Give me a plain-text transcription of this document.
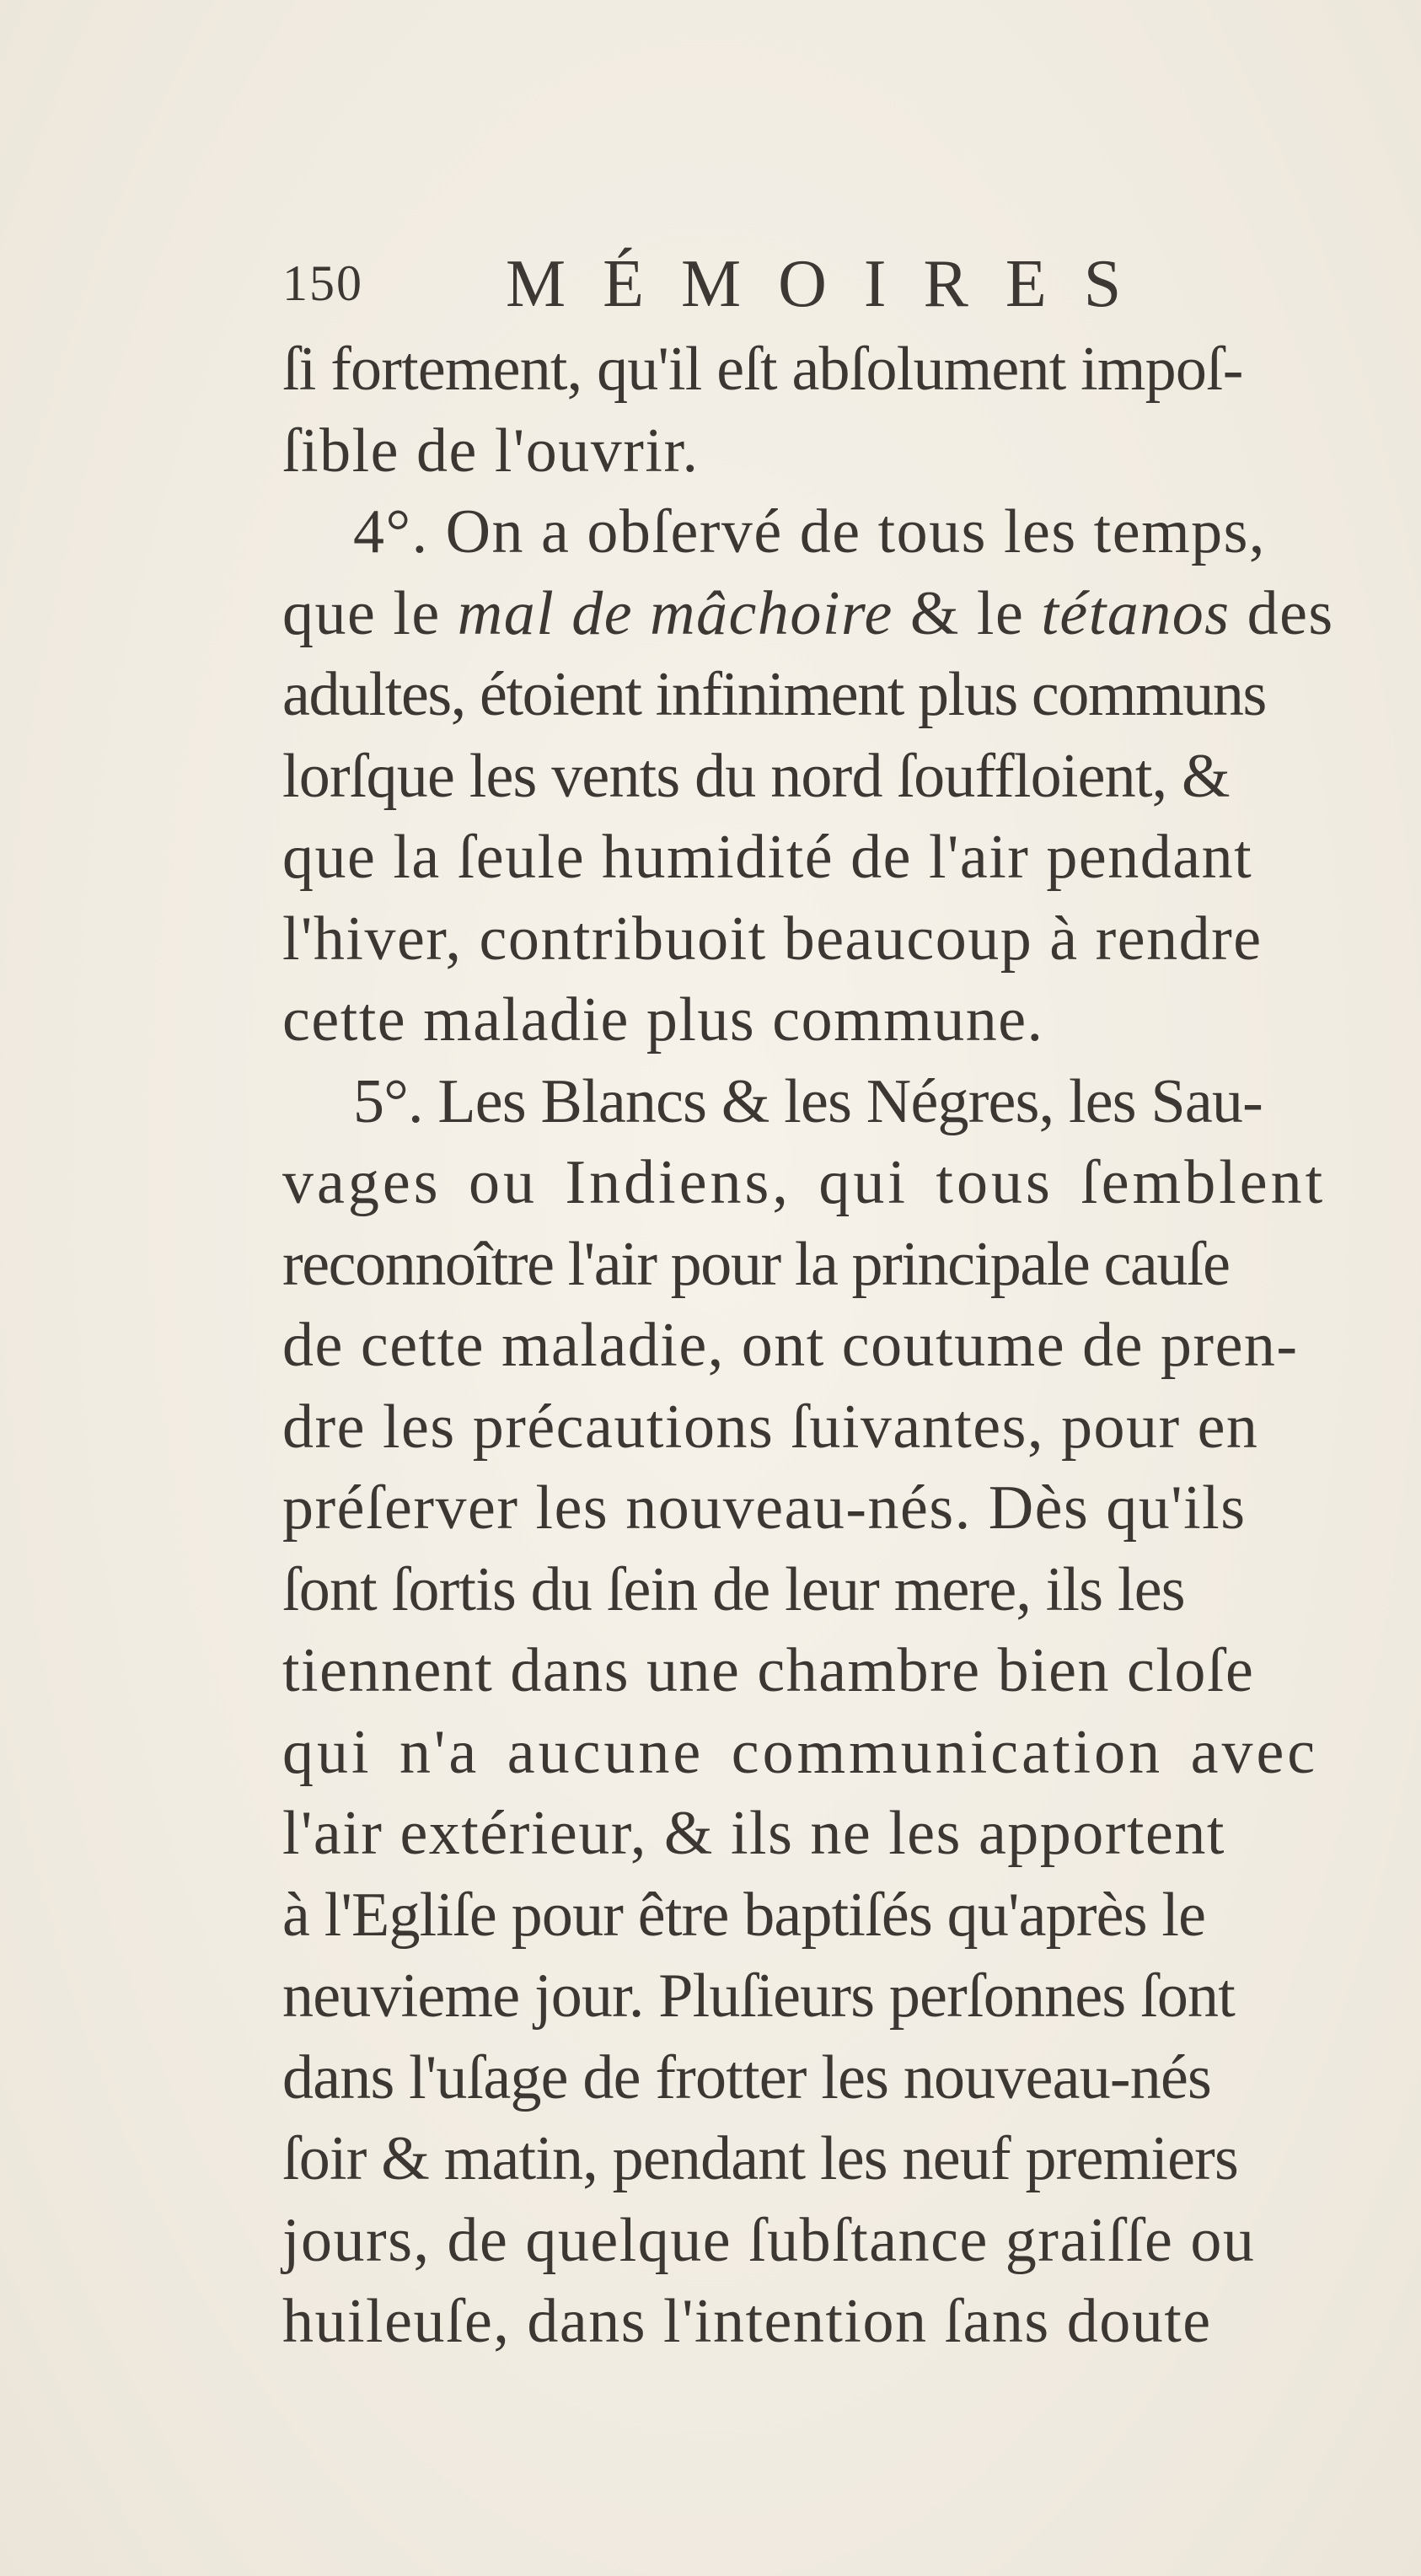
150 MÉMOIRES
ſi fortement, qu'il eſt abſolument impoſ-
ſible de l'ouvrir.
4°. On a obſervé de tous les temps,
que le mal de mâchoire & le tétanos des
adultes, étoient infiniment plus communs
lorſque les vents du nord ſouffloient, &
que la ſeule humidité de l'air pendant
l'hiver, contribuoit beaucoup à rendre
cette maladie plus commune.
5°. Les Blancs & les Négres, les Sau-
vages ou Indiens, qui tous ſemblent
reconnoître l'air pour la principale cauſe
de cette maladie, ont coutume de pren-
dre les précautions ſuivantes, pour en
préſerver les nouveau-nés. Dès qu'ils
ſont ſortis du ſein de leur mere, ils les
tiennent dans une chambre bien cloſe
qui n'a aucune communication avec
l'air extérieur, & ils ne les apportent
à l'Egliſe pour être baptiſés qu'après le
neuvieme jour. Pluſieurs perſonnes ſont
dans l'uſage de frotter les nouveau-nés
ſoir & matin, pendant les neuf premiers
jours, de quelque ſubſtance graiſſe ou
huileuſe, dans l'intention ſans doute
